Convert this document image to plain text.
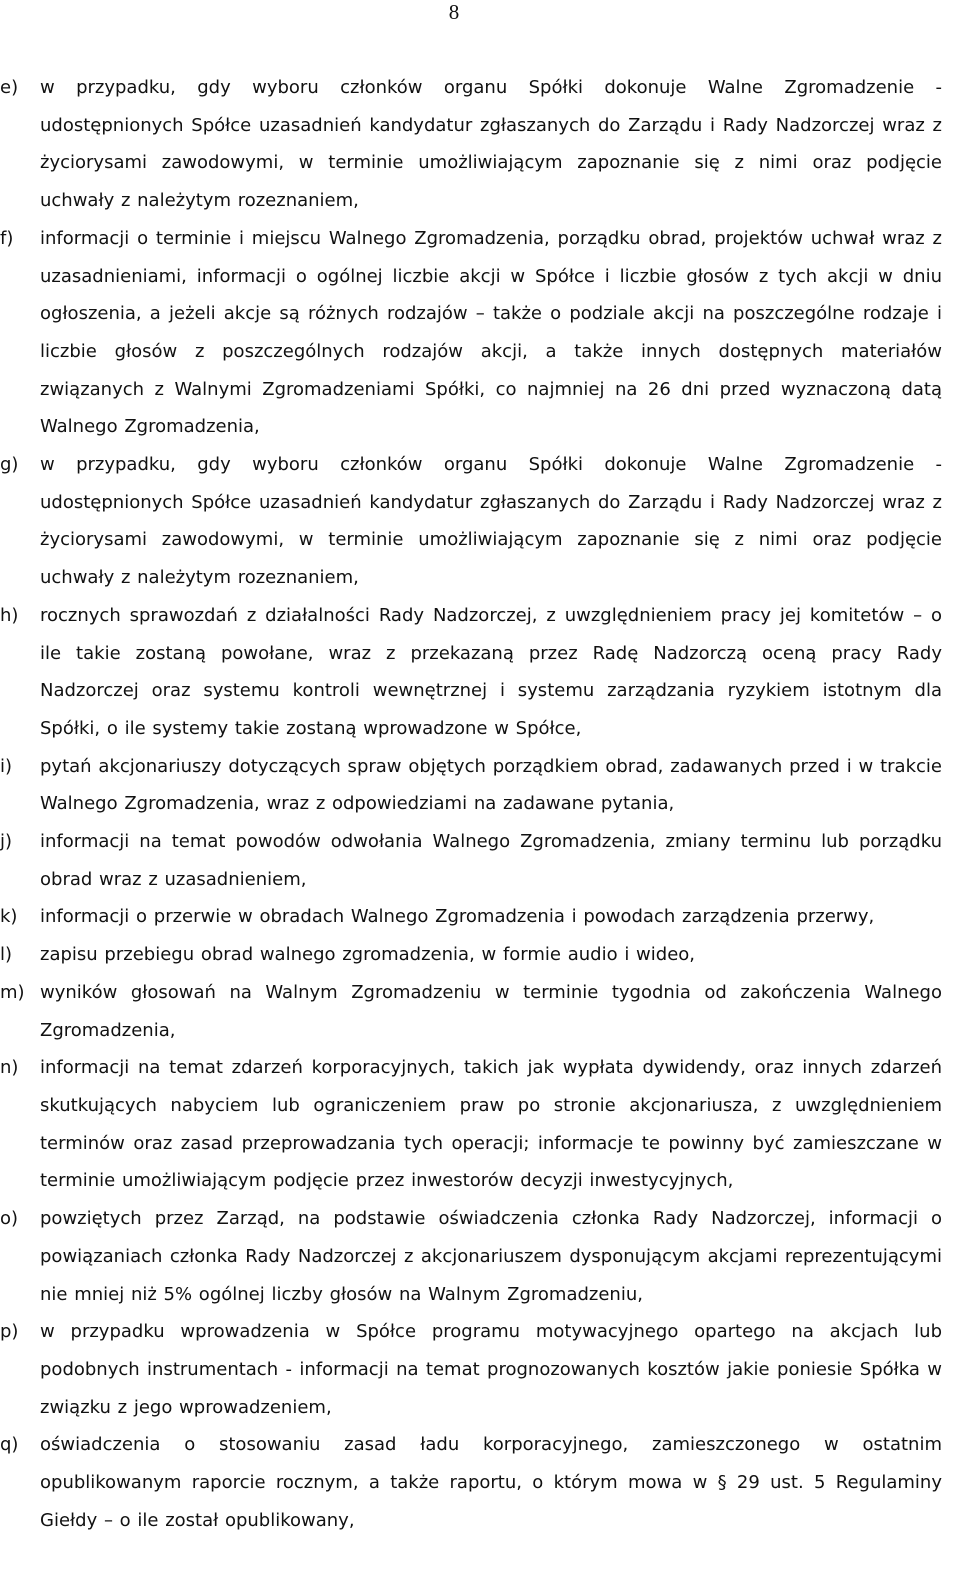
8
e) w przypadku, gdy wyboru członków organu Spółki dokonuje Walne Zgromadzenie - udostępnionych Spółce uzasadnień kandydatur zgłaszanych do Zarządu i Rady Nadzorczej wraz z życiorysami zawodowymi, w terminie umożliwiającym zapoznanie się z nimi oraz podjęcie uchwały z należytym rozeznaniem,
f) informacji o terminie i miejscu Walnego Zgromadzenia, porządku obrad, projektów uchwał wraz z uzasadnieniami, informacji o ogólnej liczbie akcji w Spółce i liczbie głosów z tych akcji w dniu ogłoszenia, a jeżeli akcje są różnych rodzajów – także o podziale akcji na poszczególne rodzaje i liczbie głosów z poszczególnych rodzajów akcji, a także innych dostępnych materiałów związanych z Walnymi Zgromadzeniami Spółki, co najmniej na 26 dni przed wyznaczoną datą Walnego Zgromadzenia,
g) w przypadku, gdy wyboru członków organu Spółki dokonuje Walne Zgromadzenie - udostępnionych Spółce uzasadnień kandydatur zgłaszanych do Zarządu i Rady Nadzorczej wraz z życiorysami zawodowymi, w terminie umożliwiającym zapoznanie się z nimi oraz podjęcie uchwały z należytym rozeznaniem,
h) rocznych sprawozdań z działalności Rady Nadzorczej, z uwzględnieniem pracy jej komitetów – o ile takie zostaną powołane, wraz z przekazaną przez Radę Nadzorczą oceną pracy Rady Nadzorczej oraz systemu kontroli wewnętrznej i systemu zarządzania ryzykiem istotnym dla Spółki, o ile systemy takie zostaną wprowadzone w Spółce,
i) pytań akcjonariuszy dotyczących spraw objętych porządkiem obrad, zadawanych przed i w trakcie Walnego Zgromadzenia, wraz z odpowiedziami na zadawane pytania,
j) informacji na temat powodów odwołania Walnego Zgromadzenia, zmiany terminu lub porządku obrad wraz z uzasadnieniem,
k) informacji o przerwie w obradach Walnego Zgromadzenia i powodach zarządzenia przerwy,
l) zapisu przebiegu obrad walnego zgromadzenia, w formie audio i wideo,
m) wyników głosowań na Walnym Zgromadzeniu w terminie tygodnia od zakończenia Walnego Zgromadzenia,
n) informacji na temat zdarzeń korporacyjnych, takich jak wypłata dywidendy, oraz innych zdarzeń skutkujących nabyciem lub ograniczeniem praw po stronie akcjonariusza, z uwzględnieniem terminów oraz zasad przeprowadzania tych operacji; informacje te powinny być zamieszczane w terminie umożliwiającym podjęcie przez inwestorów decyzji inwestycyjnych,
o) powziętych przez Zarząd, na podstawie oświadczenia członka Rady Nadzorczej, informacji o powiązaniach członka Rady Nadzorczej z akcjonariuszem dysponującym akcjami reprezentującymi nie mniej niż 5% ogólnej liczby głosów na Walnym Zgromadzeniu,
p) w przypadku wprowadzenia w Spółce programu motywacyjnego opartego na akcjach lub podobnych instrumentach - informacji na temat prognozowanych kosztów jakie poniesie Spółka w związku z jego wprowadzeniem,
q) oświadczenia o stosowaniu zasad ładu korporacyjnego, zamieszczonego w ostatnim opublikowanym raporcie rocznym, a także raportu, o którym mowa w § 29 ust. 5 Regulaminy Giełdy – o ile został opublikowany,
